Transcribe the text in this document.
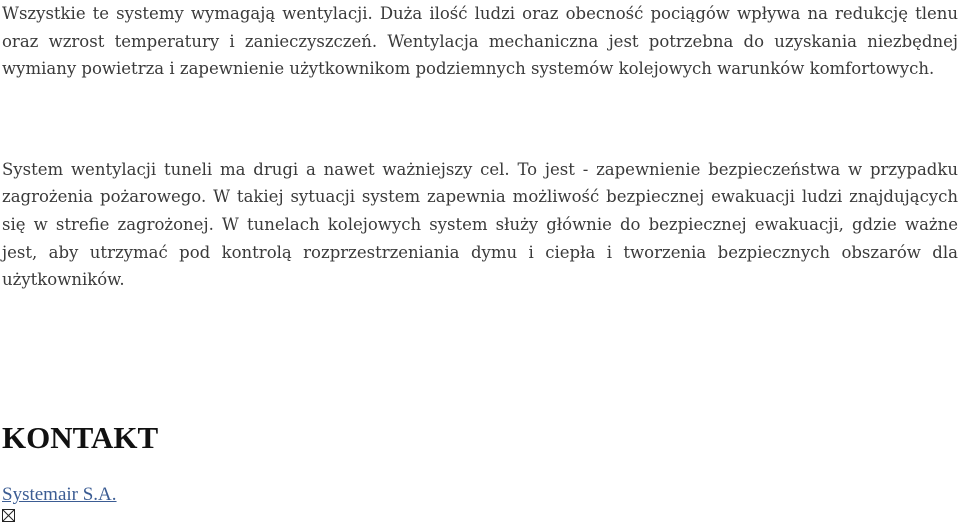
Wszystkie te systemy wymagają wentylacji. Duża ilość ludzi oraz obecność pociągów wpływa na redukcję tlenu oraz wzrost temperatury i zanieczyszczeń. Wentylacja mechaniczna jest potrzebna do uzyskania niezbędnej wymiany powietrza i zapewnienie użytkownikom podziemnych systemów kolejowych warunków komfortowych.

System wentylacji tuneli ma drugi a nawet ważniejszy cel. To jest - zapewnienie bezpieczeństwa w przypadku zagrożenia pożarowego. W takiej sytuacji system zapewnia możliwość bezpiecznej ewakuacji ludzi znajdujących się w strefie zagrożonej. W tunelach kolejowych system służy głównie do bezpiecznej ewakuacji, gdzie ważne jest, aby utrzymać pod kontrolą rozprzestrzeniania dymu i ciepła i tworzenia bezpiecznych obszarów dla użytkowników.

KONTAKT
Systemair S.A.
